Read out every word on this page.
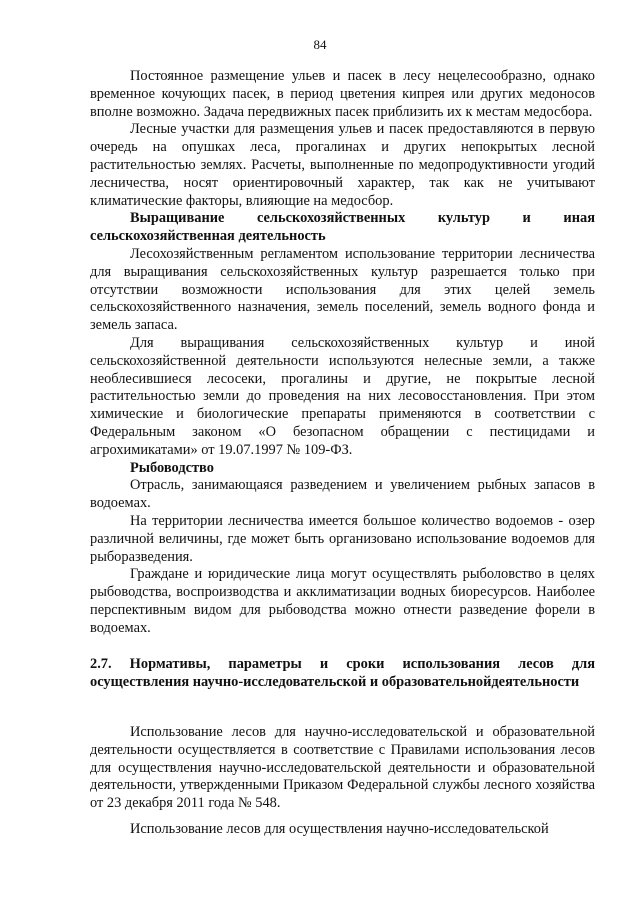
84

Постоянное размещение ульев и пасек в лесу нецелесообразно, однако временное кочующих пасек, в период цветения кипрея или других медоносов вполне возможно. Задача передвижных пасек приблизить их к местам медосбора.

Лесные участки для размещения ульев и пасек предоставляются в первую очередь на опушках леса, прогалинах и других непокрытых лесной растительностью землях. Расчеты, выполненные по медопродуктивности угодий лесничества, носят ориентировочный характер, так как не учитывают климатические факторы, влияющие на медосбор.

Выращивание сельскохозяйственных культур и иная сельскохозяйственная деятельность

Лесохозяйственным регламентом использование территории лесничества для выращивания сельскохозяйственных культур разрешается только при отсутствии возможности использования для этих целей земель сельскохозяйственного назначения, земель поселений, земель водного фонда и земель запаса.

Для выращивания сельскохозяйственных культур и иной сельскохозяйственной деятельности используются нелесные земли, а также необлесившиеся лесосеки, прогалины и другие, не покрытые лесной растительностью земли до проведения на них лесовосстановления. При этом химические и биологические препараты применяются в соответствии с Федеральным законом «О безопасном обращении с пестицидами и агрохимикатами» от 19.07.1997 № 109-ФЗ.

Рыбоводство

Отрасль, занимающаяся разведением и увеличением рыбных запасов в водоемах.

На территории лесничества имеется большое количество водоемов - озер различной величины, где может быть организовано использование водоемов для рыборазведения.

Граждане и юридические лица могут осуществлять рыболовство в целях рыбоводства, воспроизводства и акклиматизации водных биоресурсов. Наиболее перспективным видом для рыбоводства можно отнести разведение форели в водоемах.

2.7. Нормативы, параметры и сроки использования лесов для осуществления научно-исследовательской и образовательнойдеятельности

Использование лесов для научно-исследовательской и образовательной деятельности осуществляется в соответствие с Правилами использования лесов для осуществления научно-исследовательской деятельности и образовательной деятельности, утвержденными Приказом Федеральной службы лесного хозяйства от 23 декабря 2011 года № 548.

Использование лесов для осуществления научно-исследовательской
